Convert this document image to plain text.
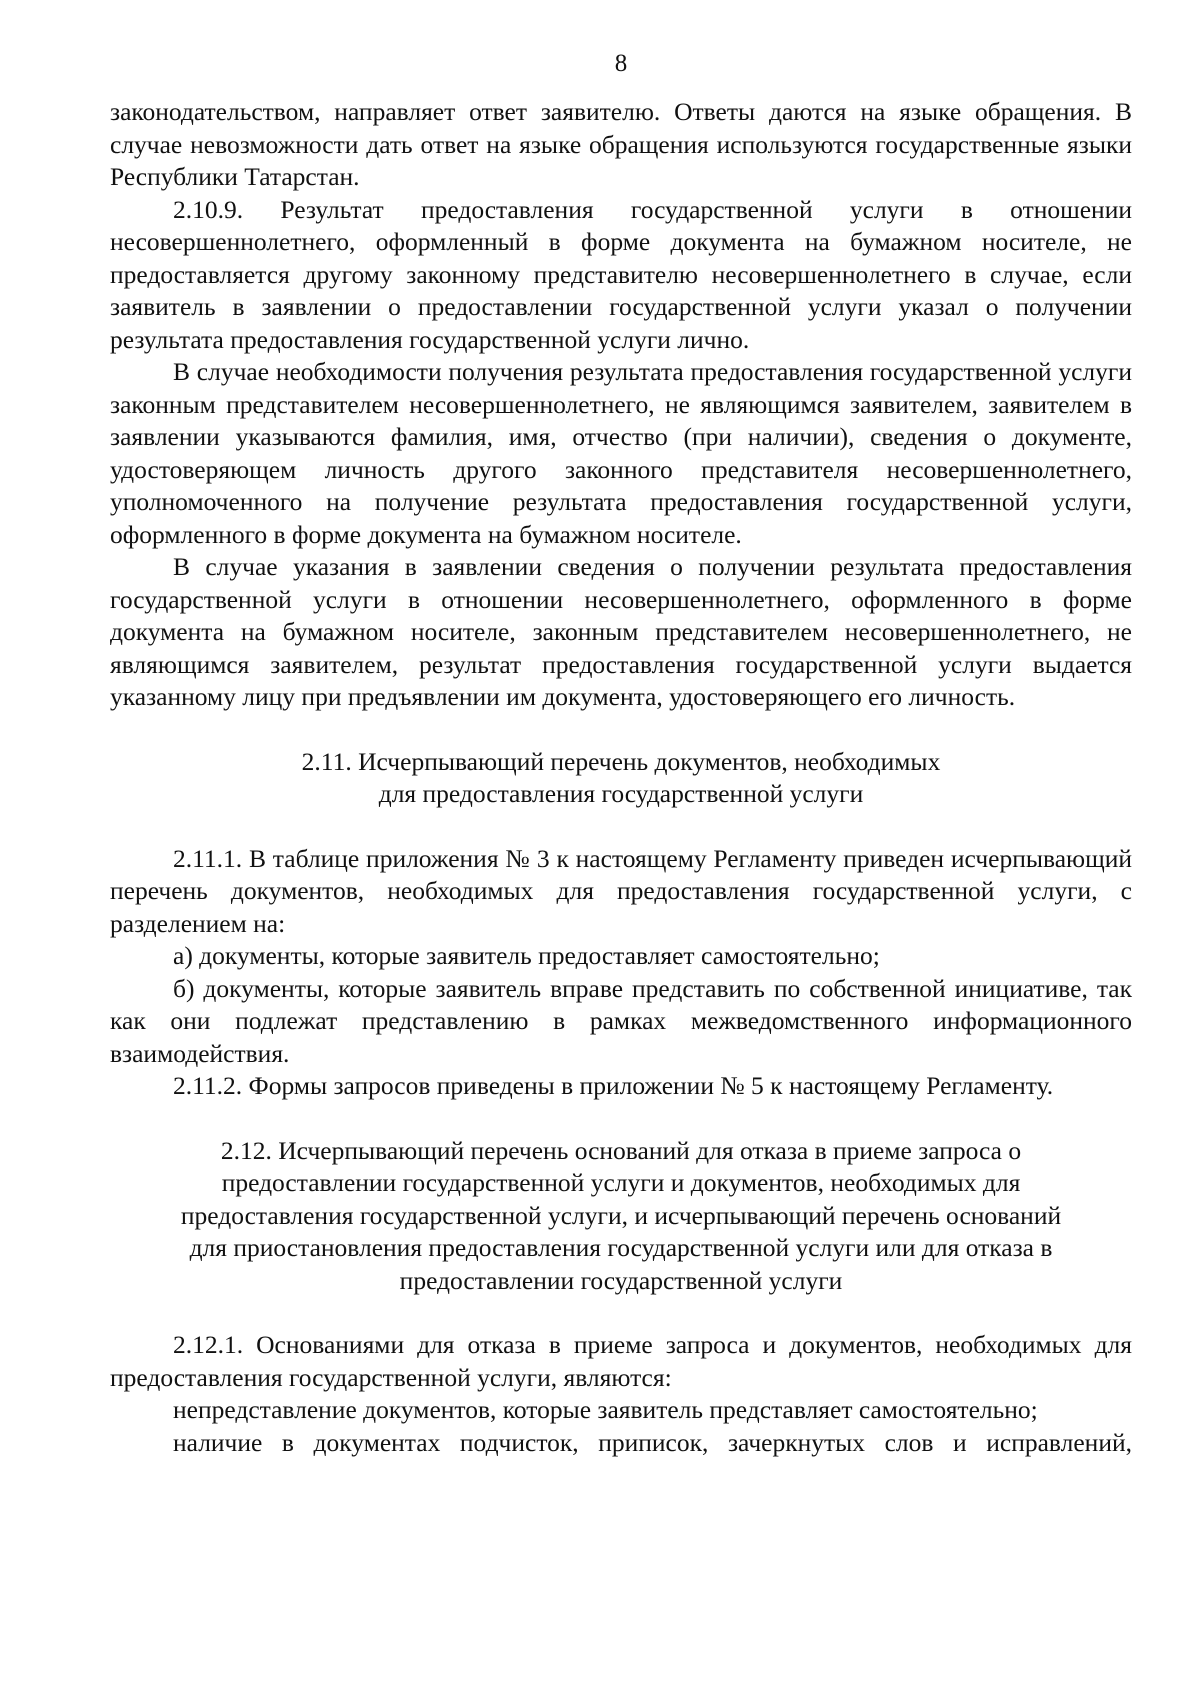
8

законодательством, направляет ответ заявителю. Ответы даются на языке обращения. В случае невозможности дать ответ на языке обращения используются государственные языки Республики Татарстан.

2.10.9. Результат предоставления государственной услуги в отношении несовершеннолетнего, оформленный в форме документа на бумажном носителе, не предоставляется другому законному представителю несовершеннолетнего в случае, если заявитель в заявлении о предоставлении государственной услуги указал о получении результата предоставления государственной услуги лично.

В случае необходимости получения результата предоставления государственной услуги законным представителем несовершеннолетнего, не являющимся заявителем, заявителем в заявлении указываются фамилия, имя, отчество (при наличии), сведения о документе, удостоверяющем личность другого законного представителя несовершеннолетнего, уполномоченного на получение результата предоставления государственной услуги, оформленного в форме документа на бумажном носителе.

В случае указания в заявлении сведения о получении результата предоставления государственной услуги в отношении несовершеннолетнего, оформленного в форме документа на бумажном носителе, законным представителем несовершеннолетнего, не являющимся заявителем, результат предоставления государственной услуги выдается указанному лицу при предъявлении им документа, удостоверяющего его личность.

2.11. Исчерпывающий перечень документов, необходимых
для предоставления государственной услуги

2.11.1. В таблице приложения № 3 к настоящему Регламенту приведен исчерпывающий перечень документов, необходимых для предоставления государственной услуги, с разделением на:

а) документы, которые заявитель предоставляет самостоятельно;

б) документы, которые заявитель вправе представить по собственной инициативе, так как они подлежат представлению в рамках межведомственного информационного взаимодействия.

2.11.2. Формы запросов приведены в приложении № 5 к настоящему Регламенту.

2.12. Исчерпывающий перечень оснований для отказа в приеме запроса о
предоставлении государственной услуги и документов, необходимых для
предоставления государственной услуги, и исчерпывающий перечень оснований
для приостановления предоставления государственной услуги или для отказа в
предоставлении государственной услуги

2.12.1. Основаниями для отказа в приеме запроса и документов, необходимых для предоставления государственной услуги, являются:

непредставление документов, которые заявитель представляет самостоятельно;

наличие в документах подчисток, приписок, зачеркнутых слов и исправлений,
